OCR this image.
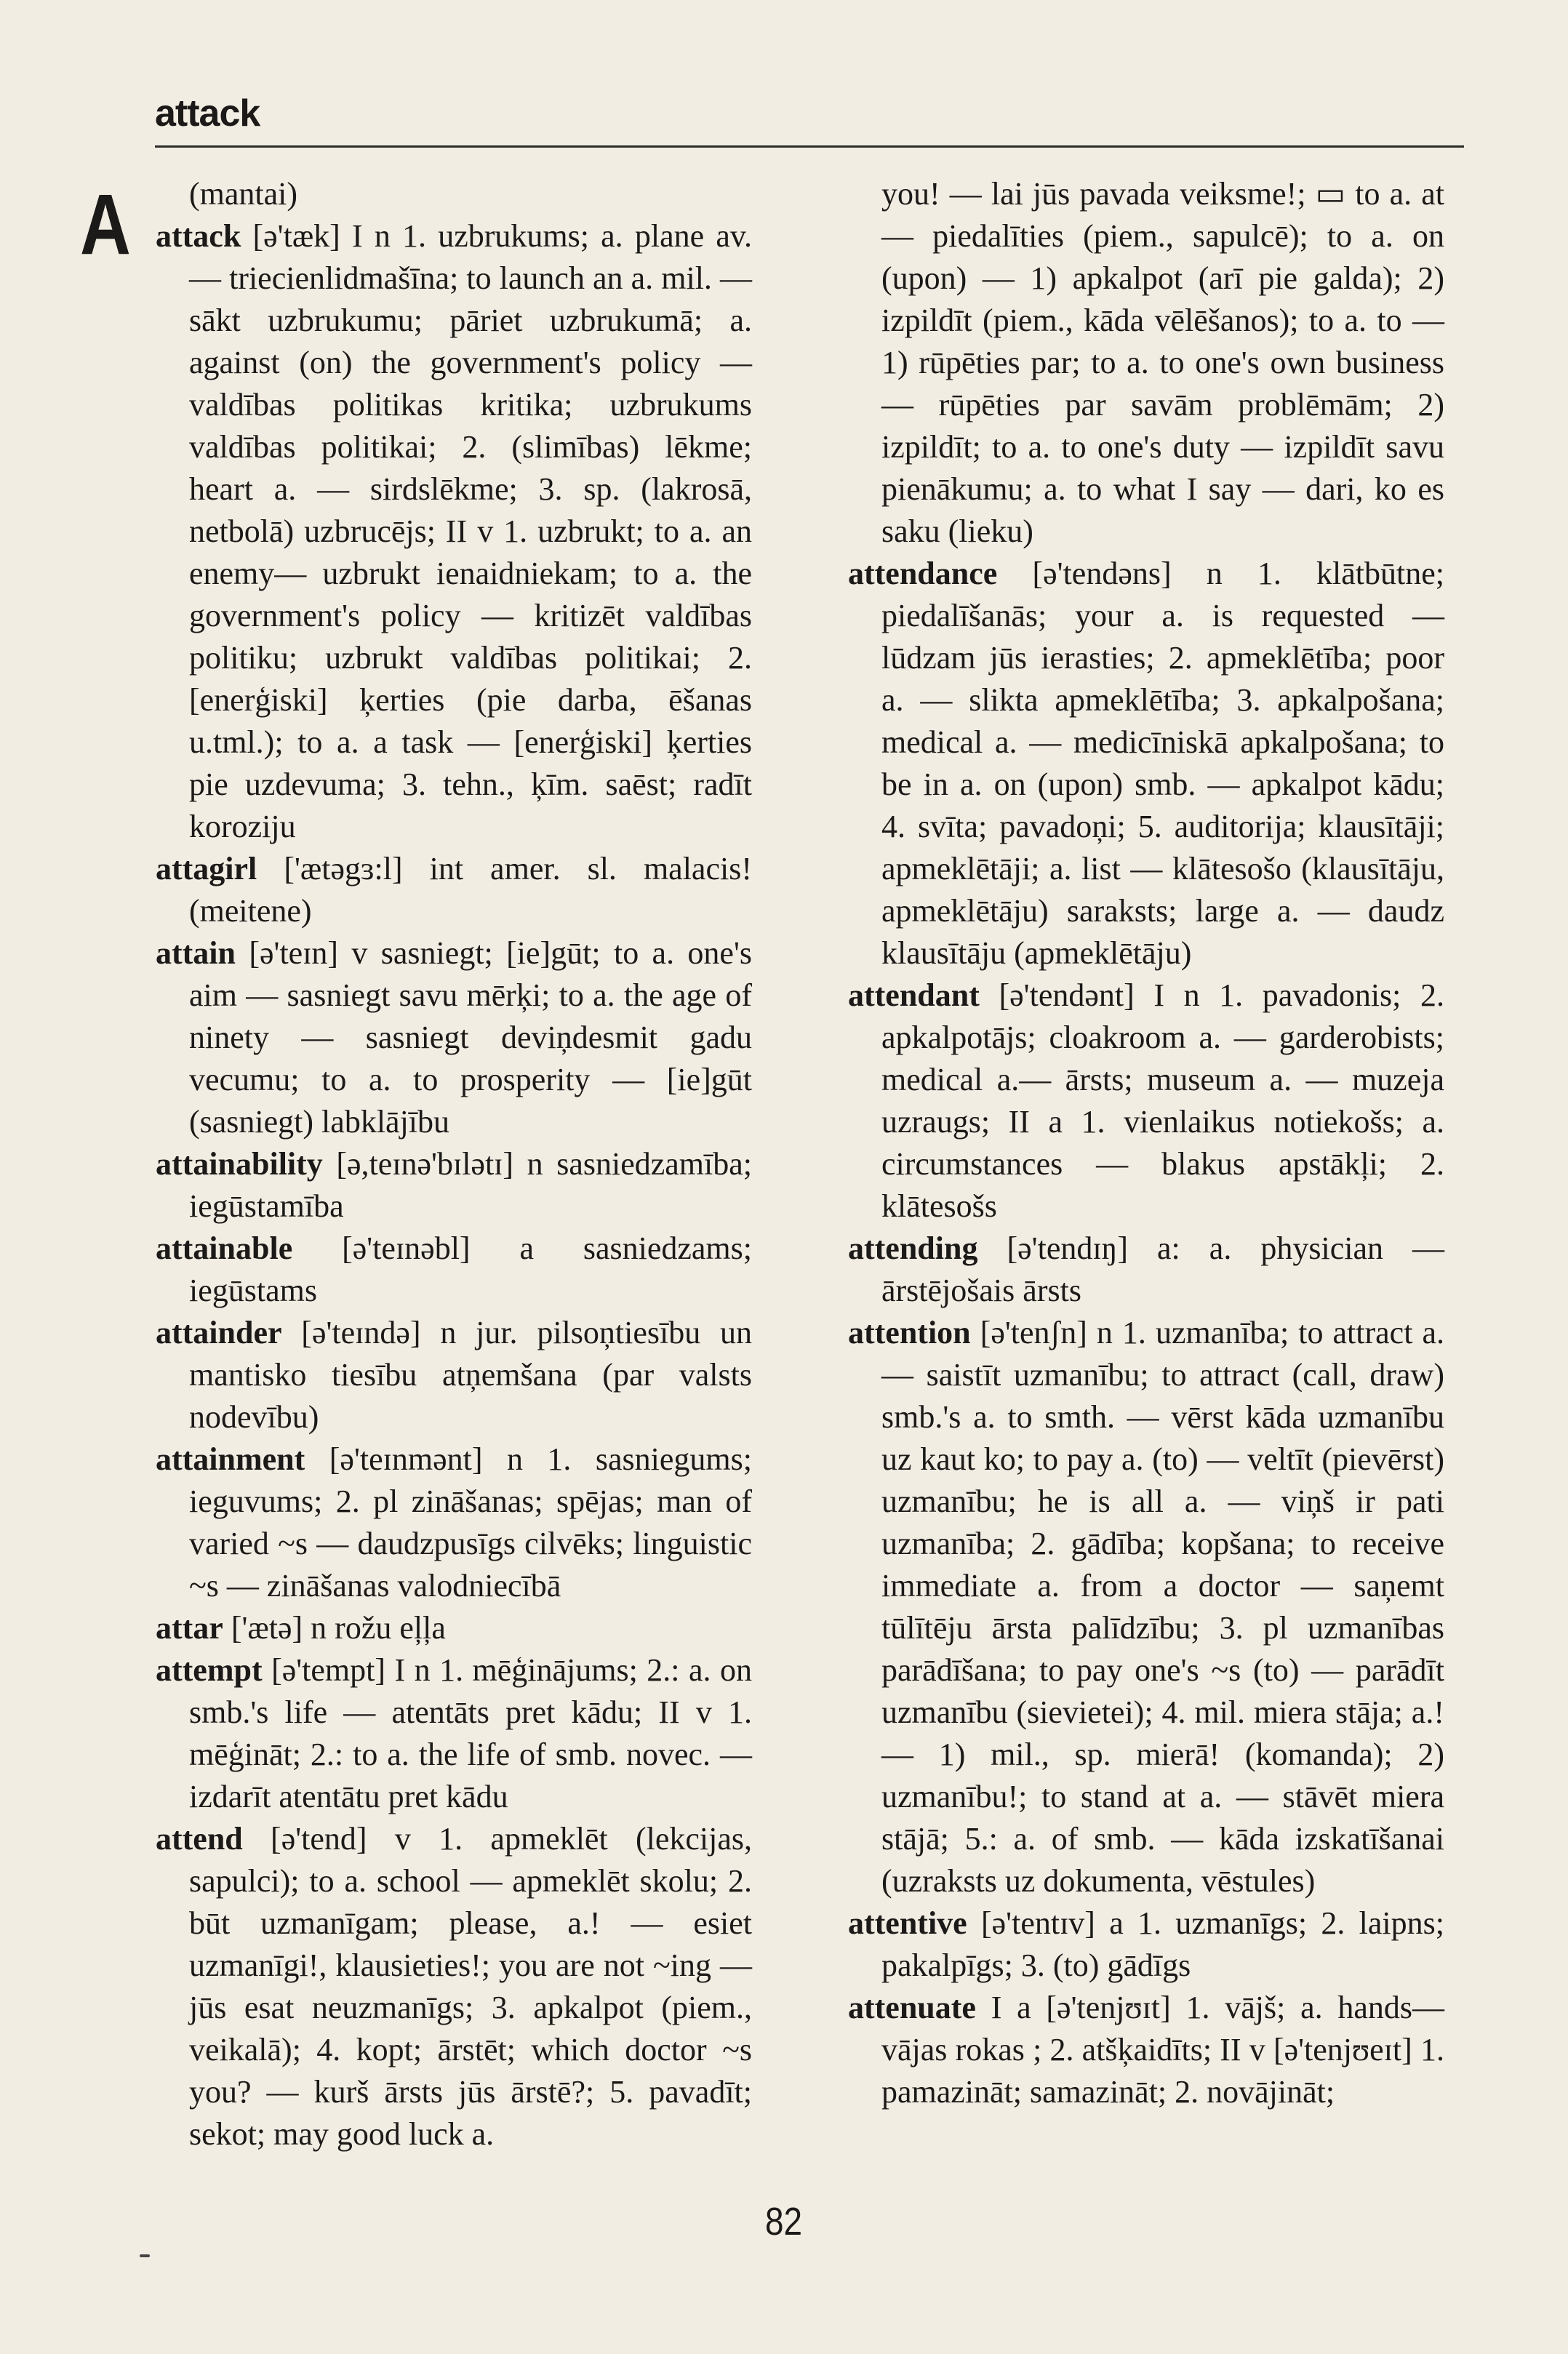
attack
A	(mantai)

attack [ə'tæk] I n 1. uzbrukums; a. plane av. — triecienlidmašīna; to launch an a. mil. — sākt uzbrukumu; pāriet uzbrukumā; a. against (on) the government's policy — valdības politikas kritika; uzbrukums valdības politikai; 2. (slimības) lēkme; heart a. — sirdslēkme; 3. sp. (lakrosā, netbolā) uzbrucējs; II v 1. uzbrukt; to a. an enemy— uzbrukt ienaidniekam; to a. the government's policy — kritizēt valdības politiku; uzbrukt valdības politikai; 2. [enerģiski] ķerties (pie darba, ēšanas u.tml.); to a. a task — [enerģiski] ķerties pie uzdevuma; 3. tehn., ķīm. saēst; radīt koroziju

attagirl ['ætəgɜ:l] int amer. sl. malacis! (meitene)

attain [ə'teɪn] v sasniegt; [ie]gūt; to a. one's aim — sasniegt savu mērķi; to a. the age of ninety — sasniegt deviņdesmit gadu vecumu; to a. to prosperity — [ie]gūt (sasniegt) labklājību

attainability [ə,teɪnə'bɪlətɪ] n sasniedzamība; iegūstamība

attainable [ə'teɪnəbl] a sasniedzams; iegūstams

attainder [ə'teɪndə] n jur. pilsoņtiesību un mantisko tiesību atņemšana (par valsts nodevību)

attainment [ə'teɪnmənt] n 1. sasniegums; ieguvums; 2. pl zināšanas; spējas; man of varied ~s — daudzpusīgs cilvēks; linguistic ~s — zināšanas valodniecībā

attar ['ætə] n rožu eļļa

attempt [ə'tempt] I n 1. mēģinājums; 2.: a. on smb.'s life — atentāts pret kādu; II v 1. mēģināt; 2.: to a. the life of smb. novec. — izdarīt atentātu pret kādu

attend [ə'tend] v 1. apmeklēt (lekcijas, sapulci); to a. school — apmeklēt skolu; 2. būt uzmanīgam; please, a.! — esiet uzmanīgi!, klausieties!; you are not ~ing — jūs esat neuzmanīgs; 3. apkalpot (piem., veikalā); 4. kopt; ārstēt; which doctor ~s you? — kurš ārsts jūs ārstē?; 5. pavadīt; sekot; may good luck a.

you! — lai jūs pavada veiksme!; ▭ to a. at — piedalīties (piem., sapulcē); to a. on (upon) — 1) apkalpot (arī pie galda); 2) izpildīt (piem., kāda vēlēšanos); to a. to — 1) rūpēties par; to a. to one's own business — rūpēties par savām problēmām; 2) izpildīt; to a. to one's duty — izpildīt savu pienākumu; a. to what I say — dari, ko es saku (lieku)

attendance [ə'tendəns] n 1. klātbūtne; piedalīšanās; your a. is requested — lūdzam jūs ierasties; 2. apmeklētība; poor a. — slikta apmeklētība; 3. apkalpošana; medical a. — medicīniskā apkalpošana; to be in a. on (upon) smb. — apkalpot kādu; 4. svīta; pavadoņi; 5. auditorija; klausītāji; apmeklētāji; a. list — klātesošo (klausītāju, apmeklētāju) saraksts; large a. — daudz klausītāju (apmeklētāju)

attendant [ə'tendənt] I n 1. pavadonis; 2. apkalpotājs; cloakroom a. — garderobists; medical a.— ārsts; museum a. — muzeja uzraugs; II a 1. vienlaikus notiekošs; a. circumstances — blakus apstākļi; 2. klātesošs

attending [ə'tendɪŋ] a: a. physician — ārstējošais ārsts

attention [ə'tenʃn] n 1. uzmanība; to attract a. — saistīt uzmanību; to attract (call, draw) smb.'s a. to smth. — vērst kāda uzmanību uz kaut ko; to pay a. (to) — veltīt (pievērst) uzmanību; he is all a. — viņš ir pati uzmanība; 2. gādība; kopšana; to receive immediate a. from a doctor — saņemt tūlītēju ārsta palīdzību; 3. pl uzmanības parādīšana; to pay one's ~s (to) — parādīt uzmanību (sievietei); 4. mil. miera stāja; a.! — 1) mil., sp. mierā! (komanda); 2) uzmanību!; to stand at a. — stāvēt miera stājā; 5.: a. of smb. — kāda izskatīšanai (uzraksts uz dokumenta, vēstules)

attentive [ə'tentɪv] a 1. uzmanīgs; 2. laipns; pakalpīgs; 3. (to) gādīgs

attenuate I a [ə'tenjʊɪt] 1. vājš; a. hands— vājas rokas ; 2. atšķaidīts; II v [ə'tenjʊeɪt] 1. pamazināt; samazināt; 2. novājināt;

82
